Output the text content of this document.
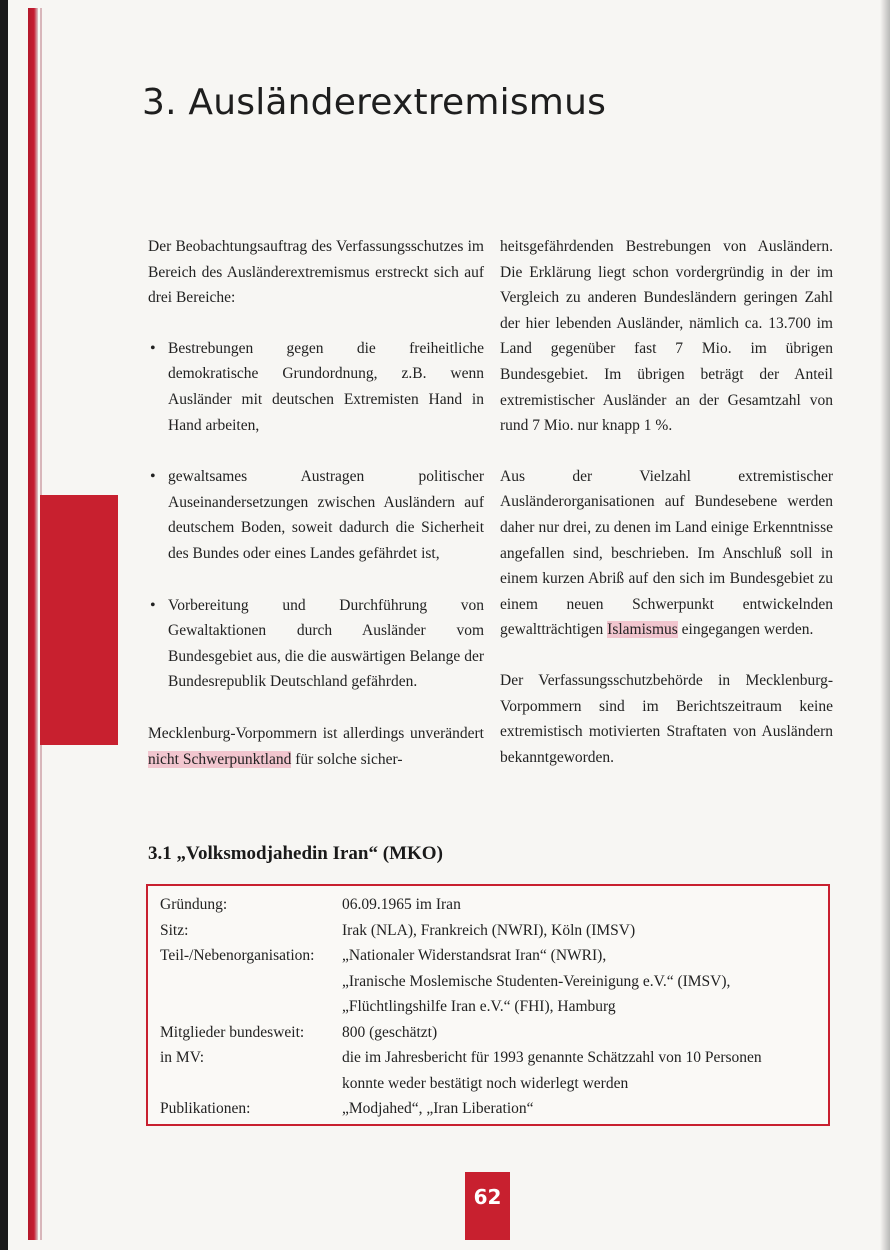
3. Ausländerextremismus

Der Beobachtungsauftrag des Verfassungsschutzes im Bereich des Ausländerextremismus erstreckt sich auf drei Bereiche:

• Bestrebungen gegen die freiheitliche demokratische Grundordnung, z.B. wenn Ausländer mit deutschen Extremisten Hand in Hand arbeiten,
• gewaltsames Austragen politischer Auseinandersetzungen zwischen Ausländern auf deutschem Boden, soweit dadurch die Sicherheit des Bundes oder eines Landes gefährdet ist,
• Vorbereitung und Durchführung von Gewaltaktionen durch Ausländer vom Bundesgebiet aus, die die auswärtigen Belange der Bundesrepublik Deutschland gefährden.

Mecklenburg-Vorpommern ist allerdings unverändert nicht Schwerpunktland für solche sicher-

heitsgefährdenden Bestrebungen von Ausländern. Die Erklärung liegt schon vordergründig in der im Vergleich zu anderen Bundesländern geringen Zahl der hier lebenden Ausländer, nämlich ca. 13.700 im Land gegenüber fast 7 Mio. im übrigen Bundesgebiet. Im übrigen beträgt der Anteil extremistischer Ausländer an der Gesamtzahl von rund 7 Mio. nur knapp 1 %.

Aus der Vielzahl extremistischer Ausländerorganisationen auf Bundesebene werden daher nur drei, zu denen im Land einige Erkenntnisse angefallen sind, beschrieben. Im Anschluß soll in einem kurzen Abriß auf den sich im Bundesgebiet zu einem neuen Schwerpunkt entwickelnden gewaltträchtigen Islamismus eingegangen werden.

Der Verfassungsschutzbehörde in Mecklenburg-Vorpommern sind im Berichtszeitraum keine extremistisch motivierten Straftaten von Ausländern bekanntgeworden.

3.1 „Volksmodjahedin Iran“ (MKO)
Gründung:	06.09.1965 im Iran
Sitz:	Irak (NLA), Frankreich (NWRI), Köln (IMSV)
Teil-/Nebenorganisation:	„Nationaler Widerstandsrat Iran“ (NWRI),
„Iranische Moslemische Studenten-Vereinigung e.V.“ (IMSV),
„Flüchtlingshilfe Iran e.V.“ (FHI), Hamburg
Mitglieder bundesweit:	800 (geschätzt)
in MV:	die im Jahresbericht für 1993 genannte Schätzzahl von 10 Personen
konnte weder bestätigt noch widerlegt werden
Publikationen:	„Modjahed“, „Iran Liberation“
62
